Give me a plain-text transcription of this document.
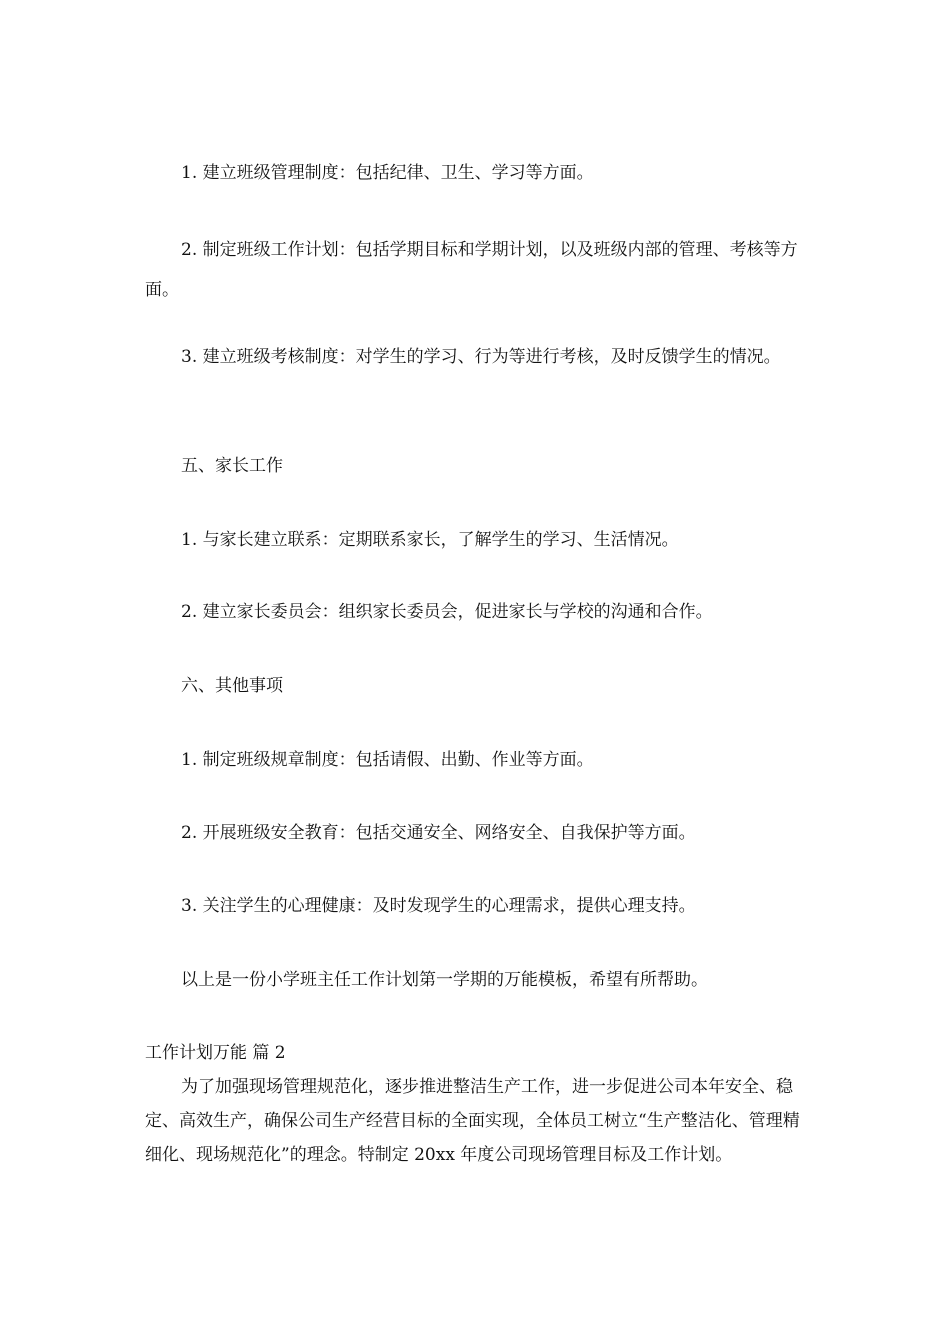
1. 建立班级管理制度：包括纪律、卫生、学习等方面。
2. 制定班级工作计划：包括学期目标和学期计划，以及班级内部的管理、考核等方面。
3. 建立班级考核制度：对学生的学习、行为等进行考核，及时反馈学生的情况。
五、家长工作
1. 与家长建立联系：定期联系家长，了解学生的学习、生活情况。
2. 建立家长委员会：组织家长委员会，促进家长与学校的沟通和合作。
六、其他事项
1. 制定班级规章制度：包括请假、出勤、作业等方面。
2. 开展班级安全教育：包括交通安全、网络安全、自我保护等方面。
3. 关注学生的心理健康：及时发现学生的心理需求，提供心理支持。
以上是一份小学班主任工作计划第一学期的万能模板，希望有所帮助。
工作计划万能 篇 2
为了加强现场管理规范化，逐步推进整洁生产工作，进一步促进公司本年安全、稳定、高效生产，确保公司生产经营目标的全面实现，全体员工树立“生产整洁化、管理精细化、现场规范化”的理念。特制定 20xx 年度公司现场管理目标及工作计划。
